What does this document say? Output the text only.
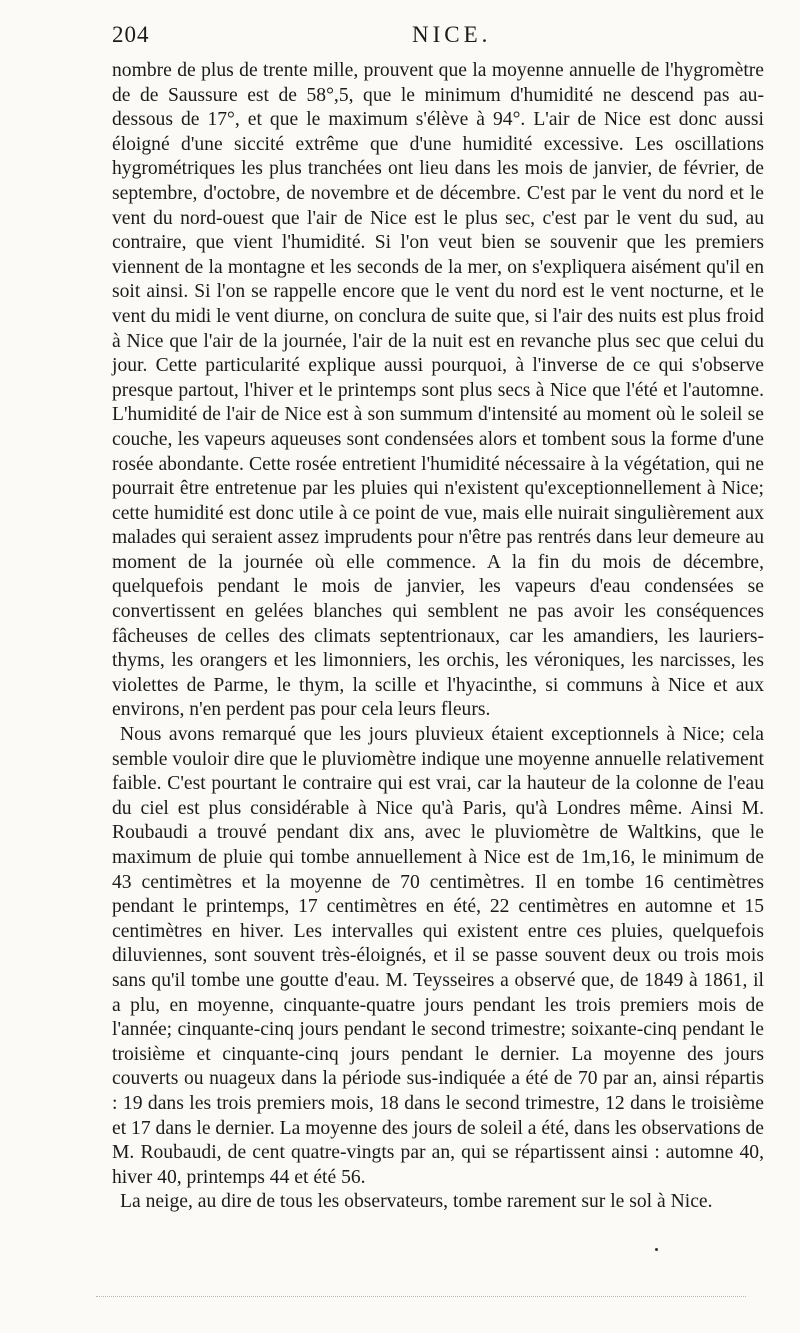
204	NICE.

nombre de plus de trente mille, prouvent que la moyenne annuelle de l'hygromètre de de Saussure est de 58°,5, que le minimum d'humidité ne descend pas au-dessous de 17°, et que le maximum s'élève à 94°. L'air de Nice est donc aussi éloigné d'une siccité extrême que d'une humidité excessive. Les oscillations hygrométriques les plus tranchées ont lieu dans les mois de janvier, de février, de septembre, d'octobre, de novembre et de décembre. C'est par le vent du nord et le vent du nord-ouest que l'air de Nice est le plus sec, c'est par le vent du sud, au contraire, que vient l'humidité. Si l'on veut bien se souvenir que les premiers viennent de la montagne et les seconds de la mer, on s'expliquera aisément qu'il en soit ainsi. Si l'on se rappelle encore que le vent du nord est le vent nocturne, et le vent du midi le vent diurne, on conclura de suite que, si l'air des nuits est plus froid à Nice que l'air de la journée, l'air de la nuit est en revanche plus sec que celui du jour. Cette particularité explique aussi pourquoi, à l'inverse de ce qui s'observe presque partout, l'hiver et le printemps sont plus secs à Nice que l'été et l'automne. L'humidité de l'air de Nice est à son summum d'intensité au moment où le soleil se couche, les vapeurs aqueuses sont condensées alors et tombent sous la forme d'une rosée abondante. Cette rosée entretient l'humidité nécessaire à la végétation, qui ne pourrait être entretenue par les pluies qui n'existent qu'exceptionnellement à Nice; cette humidité est donc utile à ce point de vue, mais elle nuirait singulièrement aux malades qui seraient assez imprudents pour n'être pas rentrés dans leur demeure au moment de la journée où elle commence. A la fin du mois de décembre, quelquefois pendant le mois de janvier, les vapeurs d'eau condensées se convertissent en gelées blanches qui semblent ne pas avoir les conséquences fâcheuses de celles des climats septentrionaux, car les amandiers, les lauriers-thyms, les orangers et les limonniers, les orchis, les véroniques, les narcisses, les violettes de Parme, le thym, la scille et l'hyacinthe, si communs à Nice et aux environs, n'en perdent pas pour cela leurs fleurs.

Nous avons remarqué que les jours pluvieux étaient exceptionnels à Nice; cela semble vouloir dire que le pluviomètre indique une moyenne annuelle relativement faible. C'est pourtant le contraire qui est vrai, car la hauteur de la colonne de l'eau du ciel est plus considérable à Nice qu'à Paris, qu'à Londres même. Ainsi M. Roubaudi a trouvé pendant dix ans, avec le pluviomètre de Waltkins, que le maximum de pluie qui tombe annuellement à Nice est de 1m,16, le minimum de 43 centimètres et la moyenne de 70 centimètres. Il en tombe 16 centimètres pendant le printemps, 17 centimètres en été, 22 centimètres en automne et 15 centimètres en hiver. Les intervalles qui existent entre ces pluies, quelquefois diluviennes, sont souvent très-éloignés, et il se passe souvent deux ou trois mois sans qu'il tombe une goutte d'eau. M. Teysseires a observé que, de 1849 à 1861, il a plu, en moyenne, cinquante-quatre jours pendant les trois premiers mois de l'année; cinquante-cinq jours pendant le second trimestre; soixante-cinq pendant le troisième et cinquante-cinq jours pendant le dernier. La moyenne des jours couverts ou nuageux dans la période sus-indiquée a été de 70 par an, ainsi répartis : 19 dans les trois premiers mois, 18 dans le second trimestre, 12 dans le troisième et 17 dans le dernier. La moyenne des jours de soleil a été, dans les observations de M. Roubaudi, de cent quatre-vingts par an, qui se répartissent ainsi : automne 40, hiver 40, printemps 44 et été 56.

La neige, au dire de tous les observateurs, tombe rarement sur le sol à Nice.
